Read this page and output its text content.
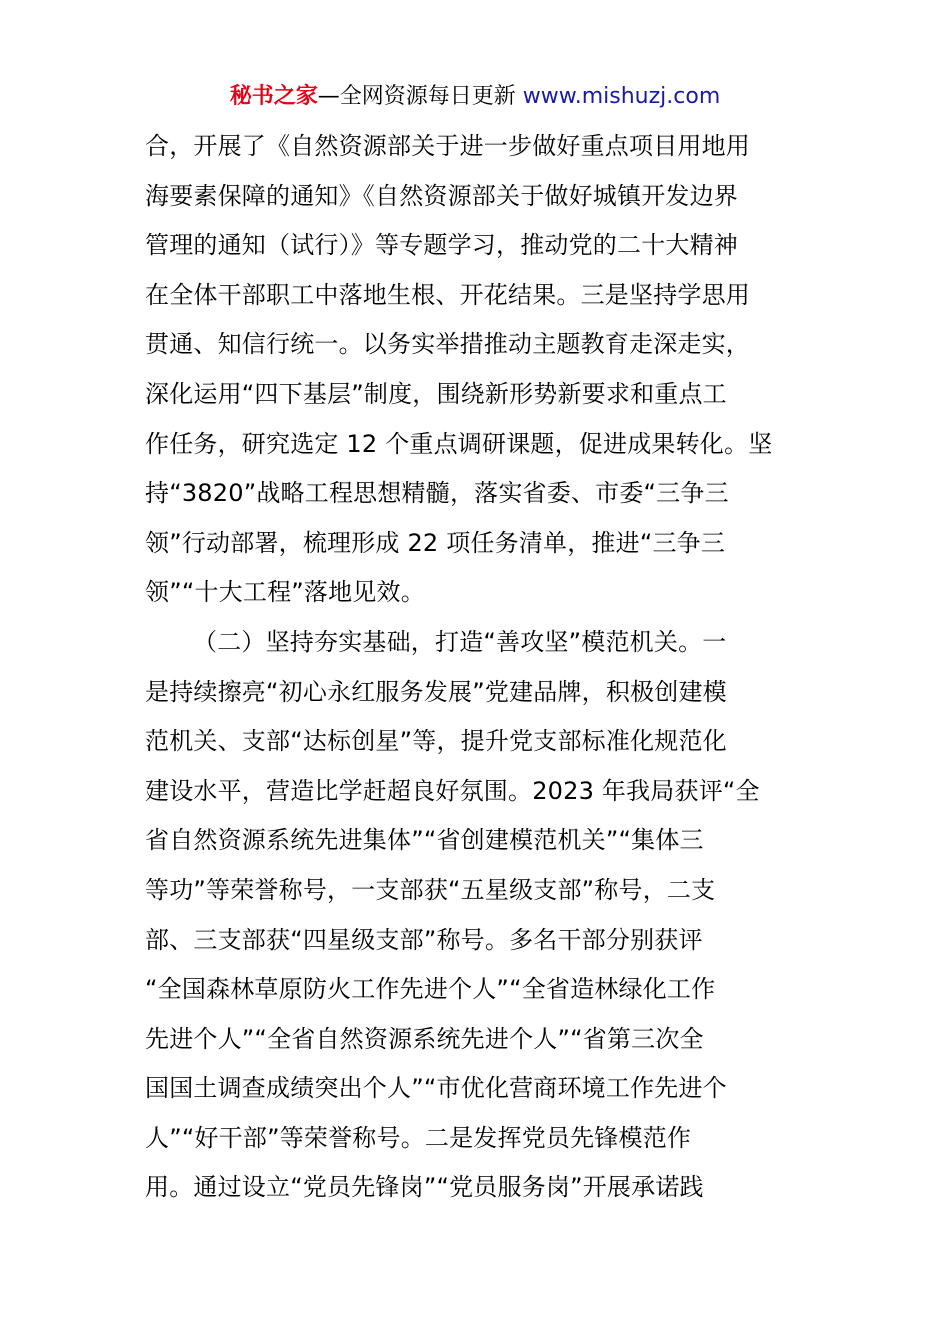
秘书之家—全网资源每日更新 www.mishuzj.com
合，开展了《自然资源部关于进一步做好重点项目用地用
海要素保障的通知》《自然资源部关于做好城镇开发边界
管理的通知（试行）》等专题学习，推动党的二十大精神
在全体干部职工中落地生根、开花结果。三是坚持学思用
贯通、知信行统一。以务实举措推动主题教育走深走实，
深化运用“四下基层”制度，围绕新形势新要求和重点工
作任务，研究选定 12 个重点调研课题，促进成果转化。坚
持“3820”战略工程思想精髓，落实省委、市委“三争三
领”行动部署，梳理形成 22 项任务清单，推进“三争三
领”“十大工程”落地见效。
（二）坚持夯实基础，打造“善攻坚”模范机关。一
是持续擦亮“初心永红服务发展”党建品牌，积极创建模
范机关、支部“达标创星”等，提升党支部标准化规范化
建设水平，营造比学赶超良好氛围。2023 年我局获评“全
省自然资源系统先进集体”“省创建模范机关”“集体三
等功”等荣誉称号，一支部获“五星级支部”称号，二支
部、三支部获“四星级支部”称号。多名干部分别获评
“全国森林草原防火工作先进个人”“全省造林绿化工作
先进个人”“全省自然资源系统先进个人”“省第三次全
国国土调查成绩突出个人”“市优化营商环境工作先进个
人”“好干部”等荣誉称号。二是发挥党员先锋模范作
用。通过设立“党员先锋岗”“党员服务岗”开展承诺践
